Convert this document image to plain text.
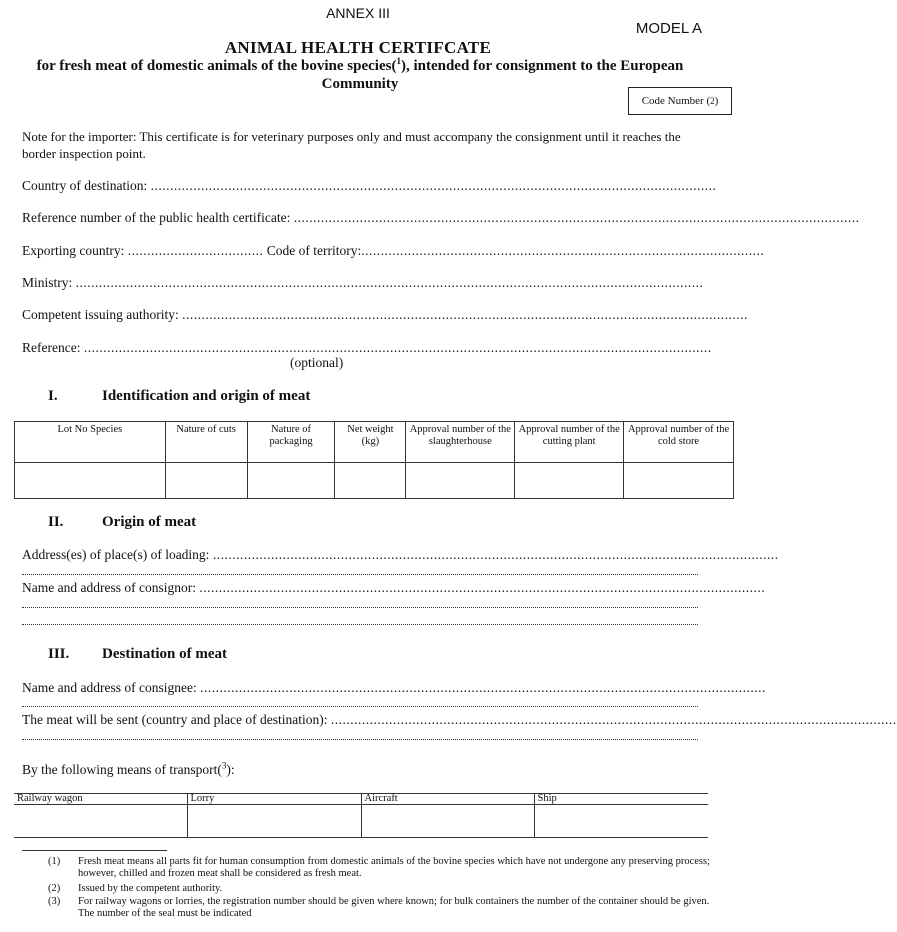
ANNEX III
MODEL A
ANIMAL HEALTH CERTIFCATE
for fresh meat of domestic animals of the bovine species($^1$), intended for consignment to the European Community
Code Number ( 2 )
Note for the importer: This certificate is for veterinary purposes only and must accompany the consignment until it reaches the border inspection point.
Country of destination: ..................................................................................................................................................
Reference number of the public health certificate: ..................................................................................................................................................
Exporting country: ................................... Code of territory:........................................................................................................
Ministry: ..................................................................................................................................................................
Competent issuing authority: ..................................................................................................................................................
Reference: ..................................................................................................................................................................
(optional)
I.	Identification and origin of meat
Lot No Species	Nature of cuts	Nature of packaging	Net weight (kg)	Approval number of the slaughterhouse	Approval number of the cutting plant	Approval number of the cold store

II.	Origin of meat
Address(es) of place(s) of loading: ..................................................................................................................................................
Name and address of consignor: ..................................................................................................................................................
III. Destination of meat
Name and address of consignee: ..................................................................................................................................................
The meat will be sent (country and place of destination): ..................................................................................................................................................
By the following means of transport($^3$):
Railway wagon	Lorry	Aircraft	Ship

(1)	Fresh meat means all parts fit for human consumption from domestic animals of the bovine species which have not undergone any preserving process; however, chilled and frozen meat shall be considered as fresh meat.
(2)	Issued by the competent authority.
(3)	For railway wagons or lorries, the registration number should be given where known; for bulk containers the number of the container should be given. The number of the seal must be indicated
